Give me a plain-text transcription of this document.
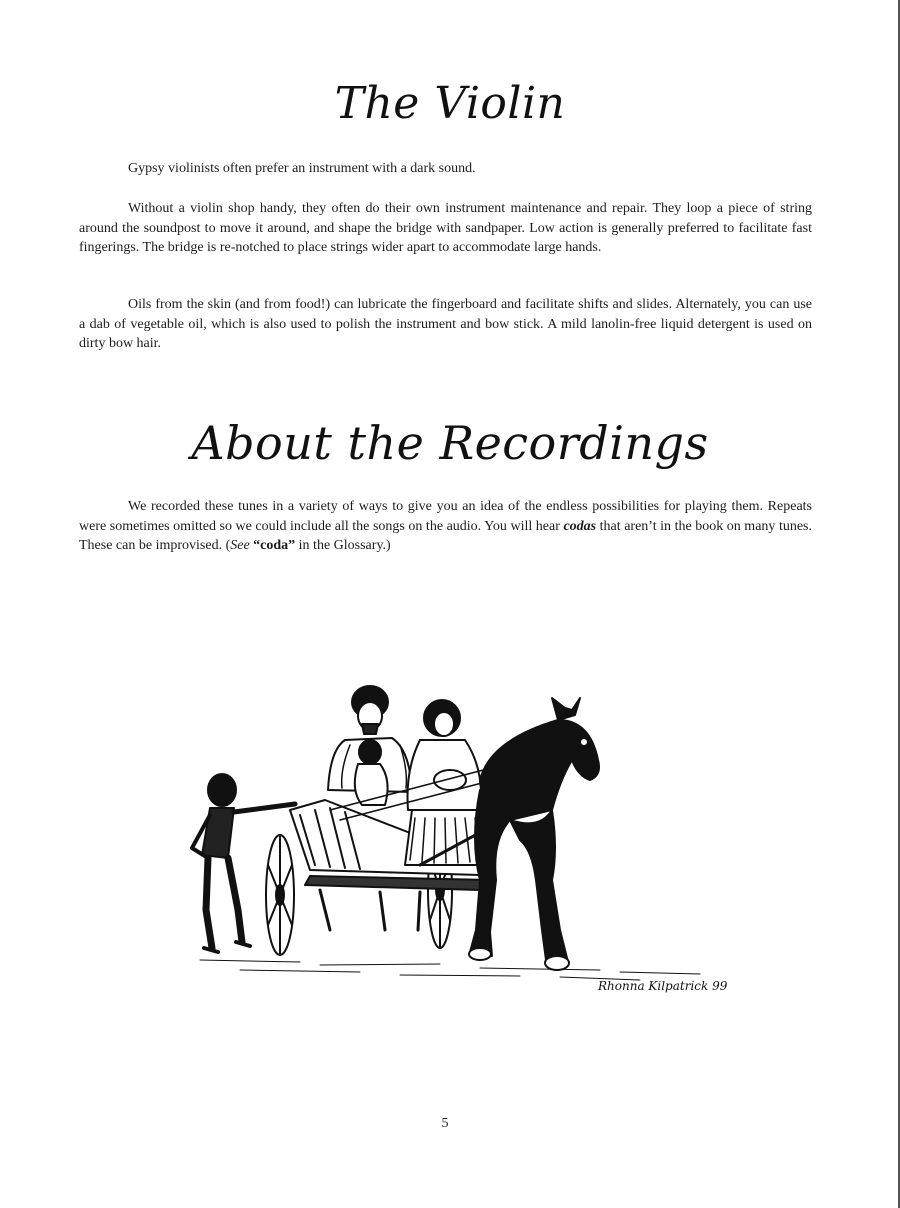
The Violin

Gypsy violinists often prefer an instrument with a dark sound.

Without a violin shop handy, they often do their own instrument maintenance and repair. They loop a piece of string around the soundpost to move it around, and shape the bridge with sandpaper. Low action is generally preferred to facilitate fast fingerings. The bridge is re-notched to place strings wider apart to accommodate large hands.

Oils from the skin (and from food!) can lubricate the fingerboard and facilitate shifts and slides. Alternately, you can use a dab of vegetable oil, which is also used to polish the instrument and bow stick. A mild lanolin-free liquid detergent is used on dirty bow hair.

About the Recordings

We recorded these tunes in a variety of ways to give you an idea of the endless possibilities for playing them. Repeats were sometimes omitted so we could include all the songs on the audio. You will hear codas that aren’t in the book on many tunes. These can be improvised. (See “coda” in the Glossary.)

Rhonna Kilpatrick 99
5
